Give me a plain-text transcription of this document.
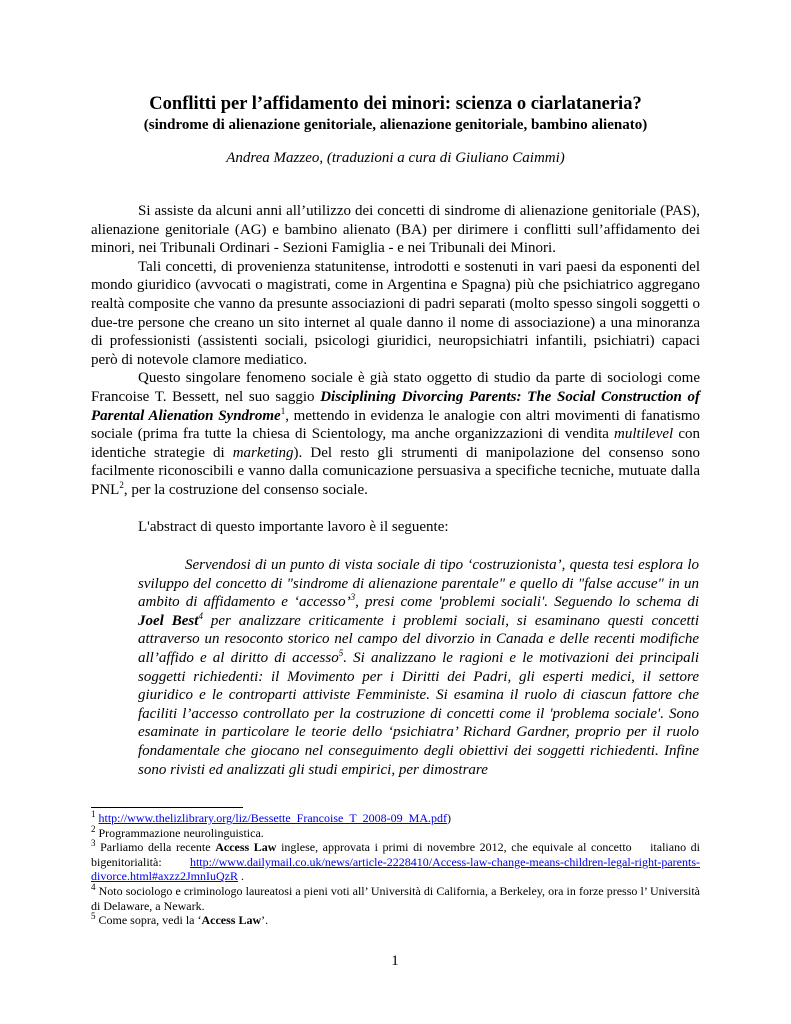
Conflitti per l’affidamento dei minori: scienza o ciarlataneria?
(sindrome di alienazione genitoriale, alienazione genitoriale, bambino alienato)

Andrea Mazzeo, (traduzioni a cura di Giuliano Caimmi)

Si assiste da alcuni anni all’utilizzo dei concetti di sindrome di alienazione genitoriale (PAS), alienazione genitoriale (AG) e bambino alienato (BA) per dirimere i conflitti sull’affidamento dei minori, nei Tribunali Ordinari - Sezioni Famiglia - e nei Tribunali dei Minori.

Tali concetti, di provenienza statunitense, introdotti e sostenuti in vari paesi da esponenti del mondo giuridico (avvocati o magistrati, come in Argentina e Spagna) più che psichiatrico aggregano realtà composite che vanno da presunte associazioni di padri separati (molto spesso singoli soggetti o due-tre persone che creano un sito internet al quale danno il nome di associazione) a una minoranza di professionisti (assistenti sociali, psicologi giuridici, neuropsichiatri infantili, psichiatri) capaci però di notevole clamore mediatico.

Questo singolare fenomeno sociale è già stato oggetto di studio da parte di sociologi come Francoise T. Bessett, nel suo saggio Disciplining Divorcing Parents: The Social Construction of Parental Alienation Syndrome$^1$, mettendo in evidenza le analogie con altri movimenti di fanatismo sociale (prima fra tutte la chiesa di Scientology, ma anche organizzazioni di vendita multilevel con identiche strategie di marketing). Del resto gli strumenti di manipolazione del consenso sono facilmente riconoscibili e vanno dalla comunicazione persuasiva a specifiche tecniche, mutuate dalla PNL$^2$, per la costruzione del consenso sociale.

L'abstract di questo importante lavoro è il seguente:

Servendosi di un punto di vista sociale di tipo ‘costruzionista’, questa tesi esplora lo sviluppo del concetto di "sindrome di alienazione parentale" e quello di "false accuse" in un ambito di affidamento e ‘accesso’$^3$, presi come 'problemi sociali'. Seguendo lo schema di Joel Best$^4$ per analizzare criticamente i problemi sociali, si esaminano questi concetti attraverso un resoconto storico nel campo del divorzio in Canada e delle recenti modifiche all’affido e al diritto di accesso$^5$. Si analizzano le ragioni e le motivazioni dei principali soggetti richiedenti: il Movimento per i Diritti dei Padri, gli esperti medici, il settore giuridico e le controparti attiviste Femministe. Si esamina il ruolo di ciascun fattore che faciliti l’accesso controllato per la costruzione di concetti come il 'problema sociale'. Sono esaminate in particolare le teorie dello ‘psichiatra’ Richard Gardner, proprio per il ruolo fondamentale che giocano nel conseguimento degli obiettivi dei soggetti richiedenti. Infine sono rivisti ed analizzati gli studi empirici, per dimostrare

$^1$ http://www.thelizlibrary.org/liz/Bessette_Francoise_T_2008-09_MA.pdf)

$^2$ Programmazione neurolinguistica.

$^3$ Parliamo della recente Access Law inglese, approvata i primi di novembre 2012, che equivale al concetto    italiano di bigenitorialità:  http://www.dailymail.co.uk/news/article-2228410/Access-law-change-means-children-legal-right-parents-divorce.html#axzz2JmnIuQzR .

$^4$ Noto sociologo e criminologo laureatosi a pieni voti all’ Università di California, a Berkeley, ora in forze presso l’ Università di Delaware, a Newark.

$^5$ Come sopra, vedi la ‘Access Law’.

1
